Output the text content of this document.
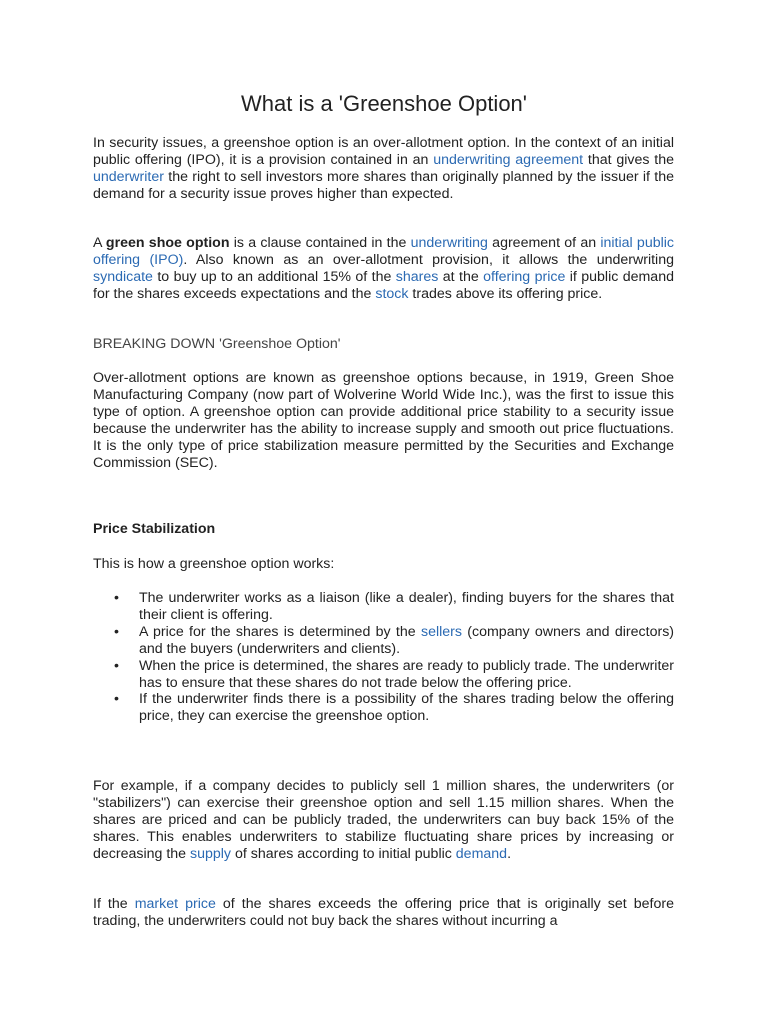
What is a 'Greenshoe Option'

In security issues, a greenshoe option is an over-allotment option. In the context of an initial public offering (IPO), it is a provision contained in an underwriting agreement that gives the underwriter the right to sell investors more shares than originally planned by the issuer if the demand for a security issue proves higher than expected.

A green shoe option is a clause contained in the underwriting agreement of an initial public offering (IPO). Also known as an over-allotment provision, it allows the underwriting syndicate to buy up to an additional 15% of the shares at the offering price if public demand for the shares exceeds expectations and the stock trades above its offering price.

BREAKING DOWN 'Greenshoe Option'

Over-allotment options are known as greenshoe options because, in 1919, Green Shoe Manufacturing Company (now part of Wolverine World Wide Inc.), was the first to issue this type of option. A greenshoe option can provide additional price stability to a security issue because the underwriter has the ability to increase supply and smooth out price fluctuations. It is the only type of price stabilization measure permitted by the Securities and Exchange Commission (SEC).

Price Stabilization

This is how a greenshoe option works:

• The underwriter works as a liaison (like a dealer), finding buyers for the shares that their client is offering.
• A price for the shares is determined by the sellers (company owners and directors) and the buyers (underwriters and clients).
• When the price is determined, the shares are ready to publicly trade. The underwriter has to ensure that these shares do not trade below the offering price.
• If the underwriter finds there is a possibility of the shares trading below the offering price, they can exercise the greenshoe option.

For example, if a company decides to publicly sell 1 million shares, the underwriters (or "stabilizers") can exercise their greenshoe option and sell 1.15 million shares. When the shares are priced and can be publicly traded, the underwriters can buy back 15% of the shares. This enables underwriters to stabilize fluctuating share prices by increasing or decreasing the supply of shares according to initial public demand.

If the market price of the shares exceeds the offering price that is originally set before trading, the underwriters could not buy back the shares without incurring a
